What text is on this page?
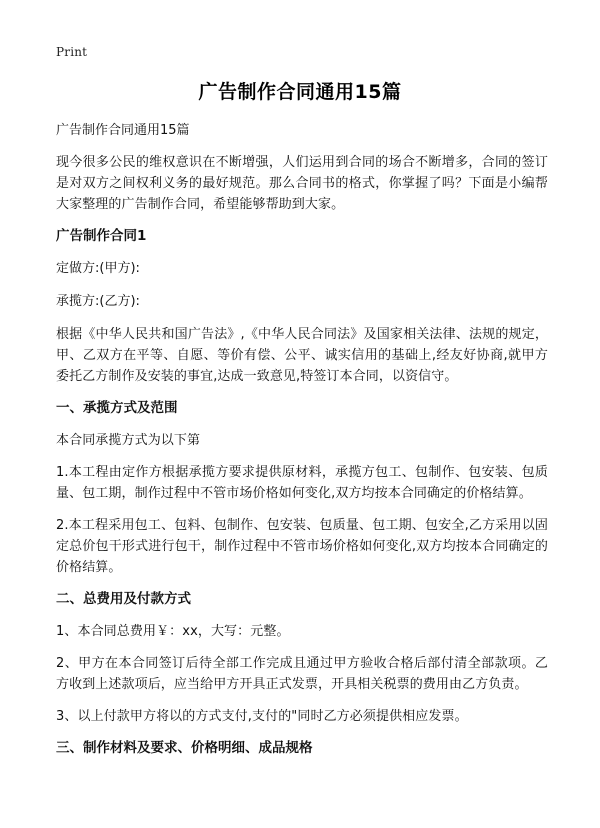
Print
广告制作合同通用15篇

广告制作合同通用15篇

现今很多公民的维权意识在不断增强，人们运用到合同的场合不断增多，合同的签订是对双方之间权利义务的最好规范。那么合同书的格式，你掌握了吗？下面是小编帮大家整理的广告制作合同，希望能够帮助到大家。

广告制作合同1

定做方:(甲方):

承揽方:(乙方):

根据《中华人民共和国广告法》,《中华人民合同法》及国家相关法律、法规的规定，甲、乙双方在平等、自愿、等价有偿、公平、诚实信用的基础上,经友好协商,就甲方委托乙方制作及安装的事宜,达成一致意见,特签订本合同，以资信守。

一、承揽方式及范围

本合同承揽方式为以下第

1.本工程由定作方根据承揽方要求提供原材料，承揽方包工、包制作、包安装、包质量、包工期，制作过程中不管市场价格如何变化,双方均按本合同确定的价格结算。

2.本工程采用包工、包料、包制作、包安装、包质量、包工期、包安全,乙方采用以固定总价包干形式进行包干，制作过程中不管市场价格如何变化,双方均按本合同确定的价格结算。

二、总费用及付款方式

1、本合同总费用￥：xx，大写：元整。

2、甲方在本合同签订后待全部工作完成且通过甲方验收合格后部付清全部款项。乙方收到上述款项后，应当给甲方开具正式发票，开具相关税票的费用由乙方负责。

3、以上付款甲方将以的方式支付,支付的"同时乙方必须提供相应发票。

三、制作材料及要求、价格明细、成品规格
